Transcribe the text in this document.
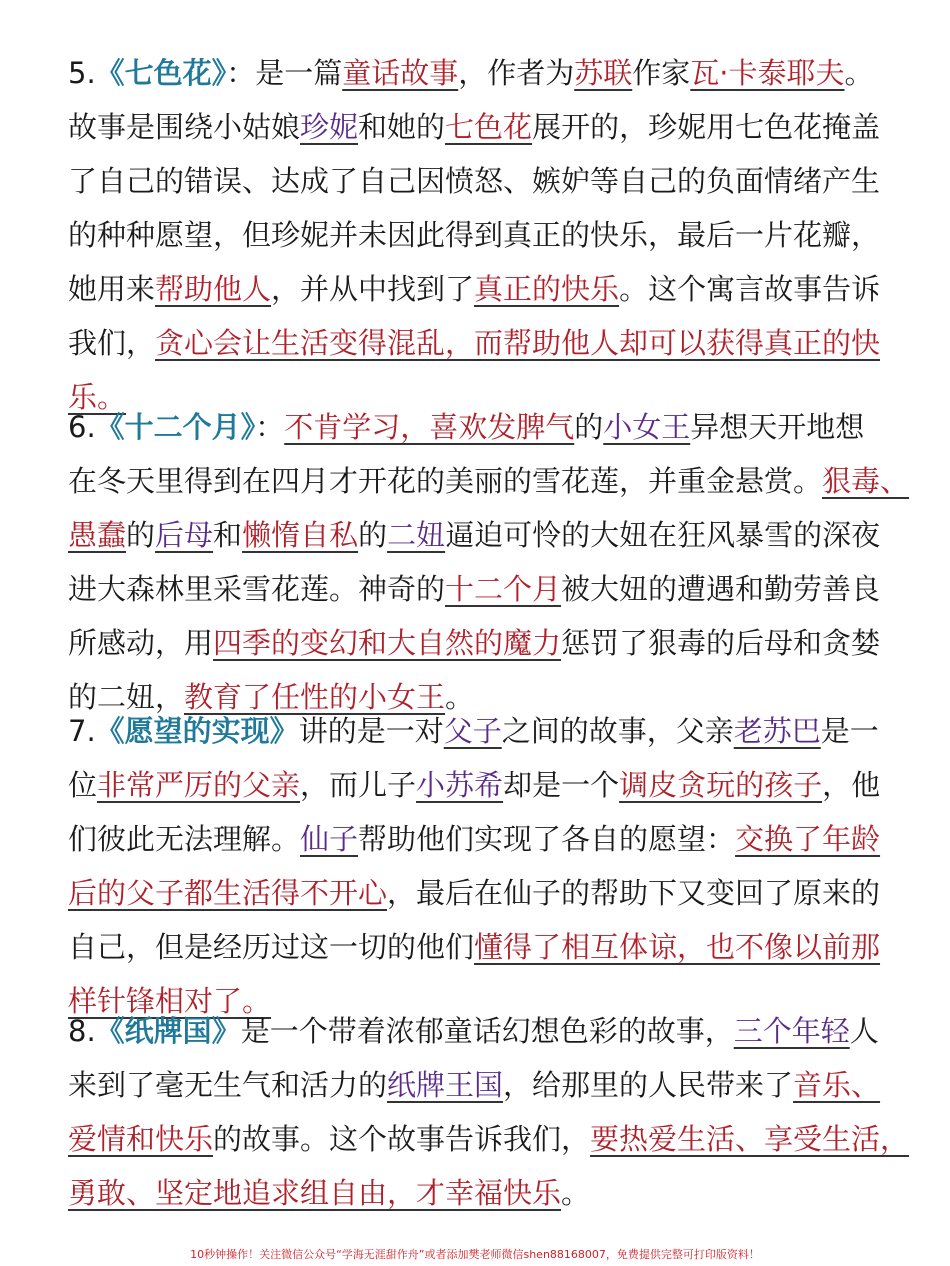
5.《七色花》：是一篇童话故事，作者为苏联作家瓦·卡泰耶夫。
故事是围绕小姑娘珍妮和她的七色花展开的，珍妮用七色花掩盖
了自己的错误、达成了自己因愤怒、嫉妒等自己的负面情绪产生
的种种愿望，但珍妮并未因此得到真正的快乐，最后一片花瓣，
她用来帮助他人，并从中找到了真正的快乐。这个寓言故事告诉
我们，贪心会让生活变得混乱，而帮助他人却可以获得真正的快
乐。
6.《十二个月》：不肯学习，喜欢发脾气的小女王异想天开地想
在冬天里得到在四月才开花的美丽的雪花莲，并重金悬赏。狠毒、
愚蠢的后母和懒惰自私的二妞逼迫可怜的大妞在狂风暴雪的深夜
进大森林里采雪花莲。神奇的十二个月被大妞的遭遇和勤劳善良
所感动，用四季的变幻和大自然的魔力惩罚了狠毒的后母和贪婪
的二妞，教育了任性的小女王。
7.《愿望的实现》讲的是一对父子之间的故事，父亲老苏巴是一
位非常严厉的父亲，而儿子小苏希却是一个调皮贪玩的孩子，他
们彼此无法理解。仙子帮助他们实现了各自的愿望：交换了年龄
后的父子都生活得不开心，最后在仙子的帮助下又变回了原来的
自己，但是经历过这一切的他们懂得了相互体谅，也不像以前那
样针锋相对了。
8.《纸牌国》是一个带着浓郁童话幻想色彩的故事，三个年轻人
来到了毫无生气和活力的纸牌王国，给那里的人民带来了音乐、
爱情和快乐的故事。这个故事告诉我们，要热爱生活、享受生活，
勇敢、坚定地追求组自由，才幸福快乐。
10秒钟操作！关注微信公众号“学海无涯甜作舟”或者添加樊老师微信shen88168007，免费提供完整可打印版资料！
